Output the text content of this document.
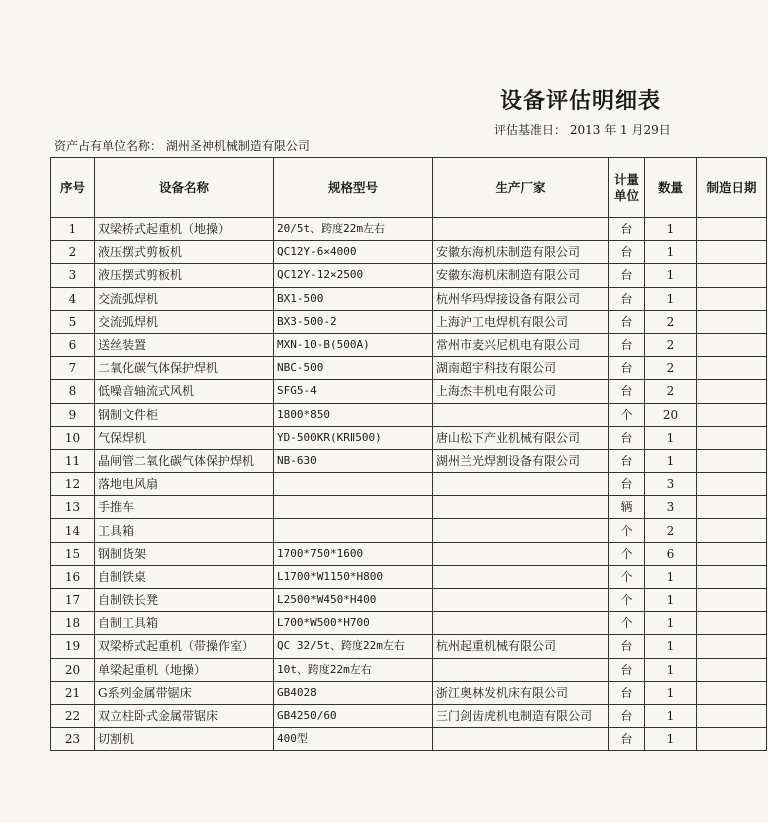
设备评估明细表
评估基准日： 2013 年 1 月29日
资产占有单位名称： 湖州圣神机械制造有限公司
序号	设备名称	规格型号	生产厂家	计量单位	数量	制造日期
1	双梁桥式起重机（地操）	20/5t、跨度22m左右		台	1	
2	液压摆式剪板机	QC12Y-6×4000	安徽东海机床制造有限公司	台	1	
3	液压摆式剪板机	QC12Y-12×2500	安徽东海机床制造有限公司	台	1	
4	交流弧焊机	BX1-500	杭州华玛焊接设备有限公司	台	1	
5	交流弧焊机	BX3-500-2	上海沪工电焊机有限公司	台	2	
6	送丝装置	MXN-10-B(500A)	常州市麦兴尼机电有限公司	台	2	
7	二氧化碳气体保护焊机	NBC-500	湖南超宇科技有限公司	台	2	
8	低噪音轴流式风机	SFG5-4	上海杰丰机电有限公司	台	2	
9	钢制文件柜	1800*850		个	20	
10	气保焊机	YD-500KR(KRⅡ500)	唐山松下产业机械有限公司	台	1	
11	晶闸管二氧化碳气体保护焊机	NB-630	湖州兰光焊割设备有限公司	台	1	
12	落地电风扇			台	3	
13	手推车			辆	3	
14	工具箱			个	2	
15	钢制货架	1700*750*1600		个	6	
16	自制铁桌	L1700*W1150*H800		个	1	
17	自制铁长凳	L2500*W450*H400		个	1	
18	自制工具箱	L700*W500*H700		个	1	
19	双梁桥式起重机（带操作室）	QC 32/5t、跨度22m左右	杭州起重机械有限公司	台	1	
20	单梁起重机（地操）	10t、跨度22m左右		台	1	
21	G系列金属带锯床	GB4028	浙江奥林发机床有限公司	台	1	
22	双立柱卧式金属带锯床	GB4250/60	三门剑齿虎机电制造有限公司	台	1	
23	切割机	400型		台	1	
